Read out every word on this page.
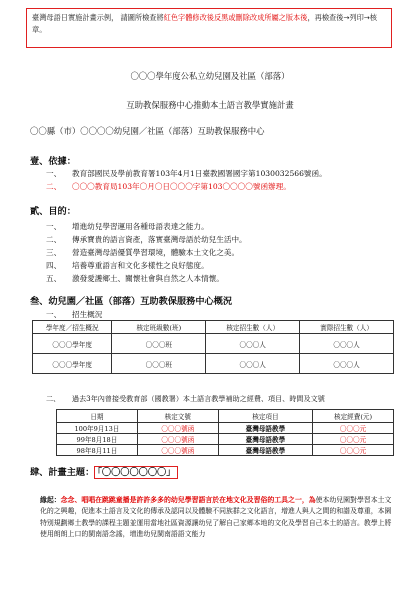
臺灣母語日實施計畫示例， 請圖所檢查將紅色字體修改後反黑或刪除改成所屬之版本後，再檢查後→列印→核章。
〇〇〇學年度公私立幼兒園及社區（部落）
互助教保服務中心推動本土語言教學實施計畫
〇〇縣（市）〇〇〇〇幼兒園／社區（部落）互助教保服務中心
壹、依據：
一、 教育部國民及學前教育署103年4月1日臺教國署國字第1030032566號函。
二、 〇〇〇教育局103年〇月〇日〇〇〇字第103〇〇〇〇號函辦理。
貳、目的：
一、 增進幼兒學習運用各種母語表達之能力。
二、 傳承寶貴的語言資產，落實臺灣母語於幼兒生活中。
三、 營造臺灣母語優質學習環境，體驗本土文化之美。
四、 培養尊重語言和文化多樣性之良好態度。
五、 激發愛護鄉土、關懷社會與自然之人本情懷。
叁、幼兒園／社區（部落）互助教保服務中心概況
一、 招生概況
學年度／招生概況	核定班級數(班)	核定招生數（人）	實際招生數（人）
〇〇〇學年度	〇〇〇班	〇〇〇人	〇〇〇人
〇〇〇學年度	〇〇〇班	〇〇〇人	〇〇〇人
二、 過去3年內曾接受教育部（國教署）本土語言教學補助之經費、項目、時間及文號
日期	核定文號	核定項目	核定經費(元)
100年9月13日	〇〇〇號函	臺灣母語教學	〇〇〇元
99年8月18日	〇〇〇號函	臺灣母語教學	〇〇〇元
98年8月11日	〇〇〇號函	臺灣母語教學	〇〇〇元
肆、計畫主題： 「〇〇〇〇〇〇〇」
緣起：念念、唱唱在跳跳童播是許許多多的幼兒學習語言於在地文化及習俗的工具之一，為使本幼兒園對學習本土文化的之興趣，促進本土語言及文化的傳承及認同以及體驗不同族群之文化語言，增進人與人之間的和諧及尊重，本園特別規劃鄉土教學的課程主題並運用當地社區資源讓幼兒了解自己家鄉本地的文化及學習自己本土的語言。教學上將使用朗朗上口的閩南語念謠，增進幼兒閩南語語文能力
